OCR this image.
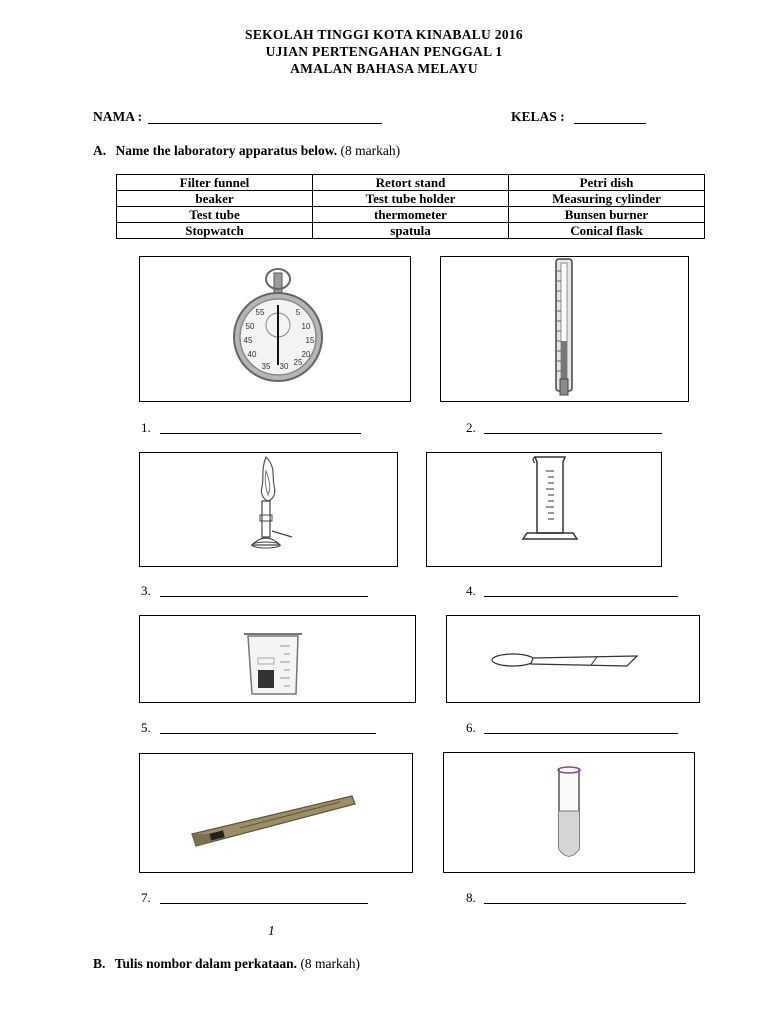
SEKOLAH TINGGI KOTA KINABALU 2016
UJIAN PERTENGAHAN PENGGAL 1
AMALAN BAHASA MELAYU
NAMA :	KELAS :
A. Name the laboratory apparatus below. (8 markah)
Filter funnel	Retort stand	Petri dish
beaker	Test tube holder	Measuring cylinder
Test tube	thermometer	Bunsen burner
Stopwatch	spatula	Conical flask
55	5
50	10
45	15
40	20
35 30 25
1.	2.
3.	4.
5.	6.
7.	8.
1
B. Tulis nombor dalam perkataan. (8 markah)
